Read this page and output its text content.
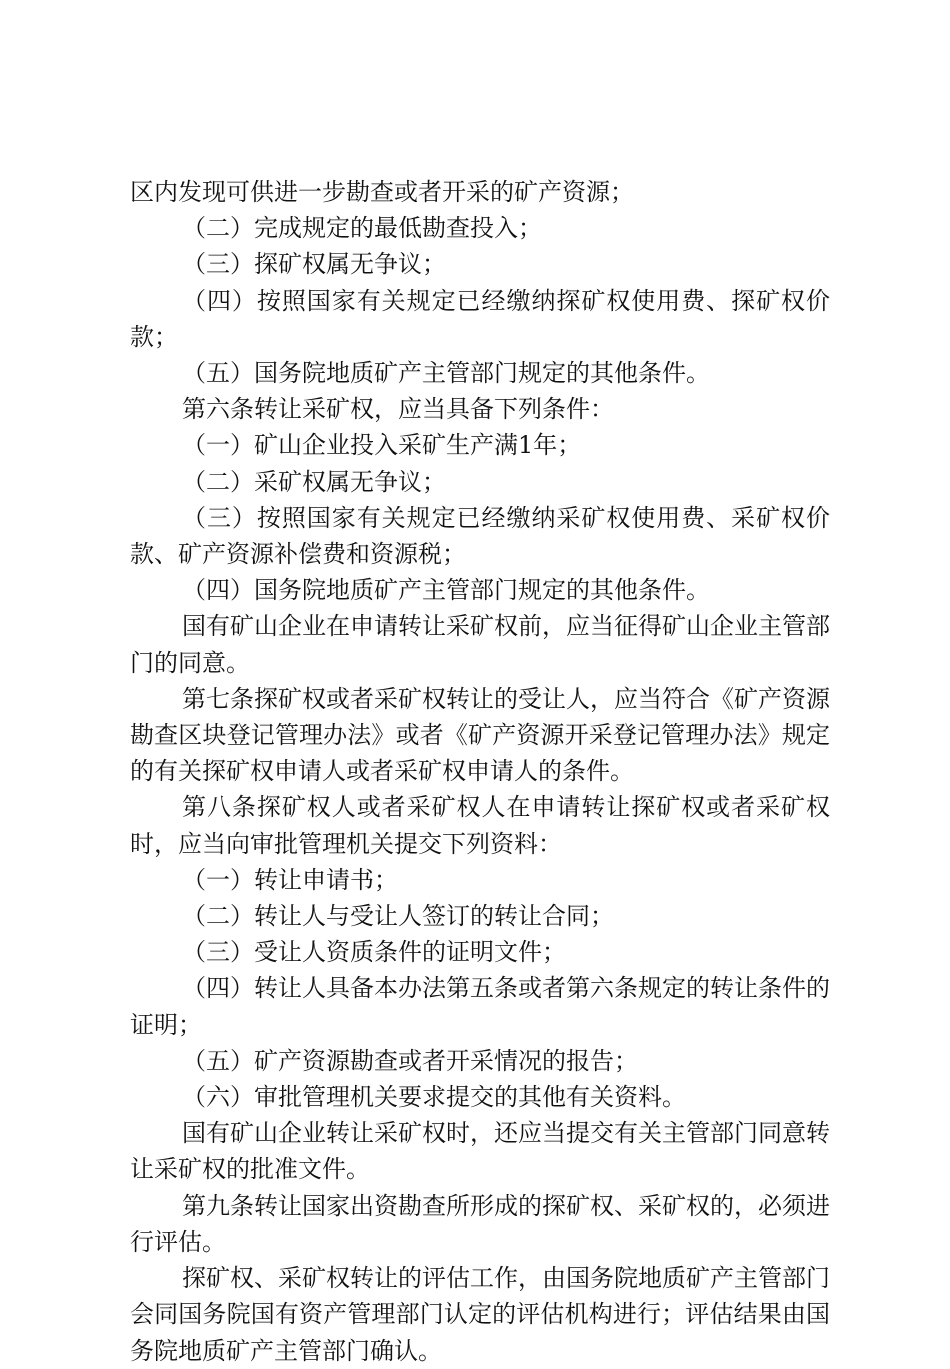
区内发现可供进一步勘查或者开采的矿产资源；

（二）完成规定的最低勘查投入；

（三）探矿权属无争议；

（四）按照国家有关规定已经缴纳探矿权使用费、探矿权价款；

（五）国务院地质矿产主管部门规定的其他条件。

第六条转让采矿权，应当具备下列条件：

（一）矿山企业投入采矿生产满1年；

（二）采矿权属无争议；

（三）按照国家有关规定已经缴纳采矿权使用费、采矿权价款、矿产资源补偿费和资源税；

（四）国务院地质矿产主管部门规定的其他条件。

国有矿山企业在申请转让采矿权前，应当征得矿山企业主管部门的同意。

第七条探矿权或者采矿权转让的受让人，应当符合《矿产资源勘查区块登记管理办法》或者《矿产资源开采登记管理办法》规定的有关探矿权申请人或者采矿权申请人的条件。

第八条探矿权人或者采矿权人在申请转让探矿权或者采矿权时，应当向审批管理机关提交下列资料：

（一）转让申请书；

（二）转让人与受让人签订的转让合同；

（三）受让人资质条件的证明文件；

（四）转让人具备本办法第五条或者第六条规定的转让条件的证明；

（五）矿产资源勘查或者开采情况的报告；

（六）审批管理机关要求提交的其他有关资料。

国有矿山企业转让采矿权时，还应当提交有关主管部门同意转让采矿权的批准文件。

第九条转让国家出资勘查所形成的探矿权、采矿权的，必须进行评估。

探矿权、采矿权转让的评估工作，由国务院地质矿产主管部门会同国务院国有资产管理部门认定的评估机构进行；评估结果由国务院地质矿产主管部门确认。
